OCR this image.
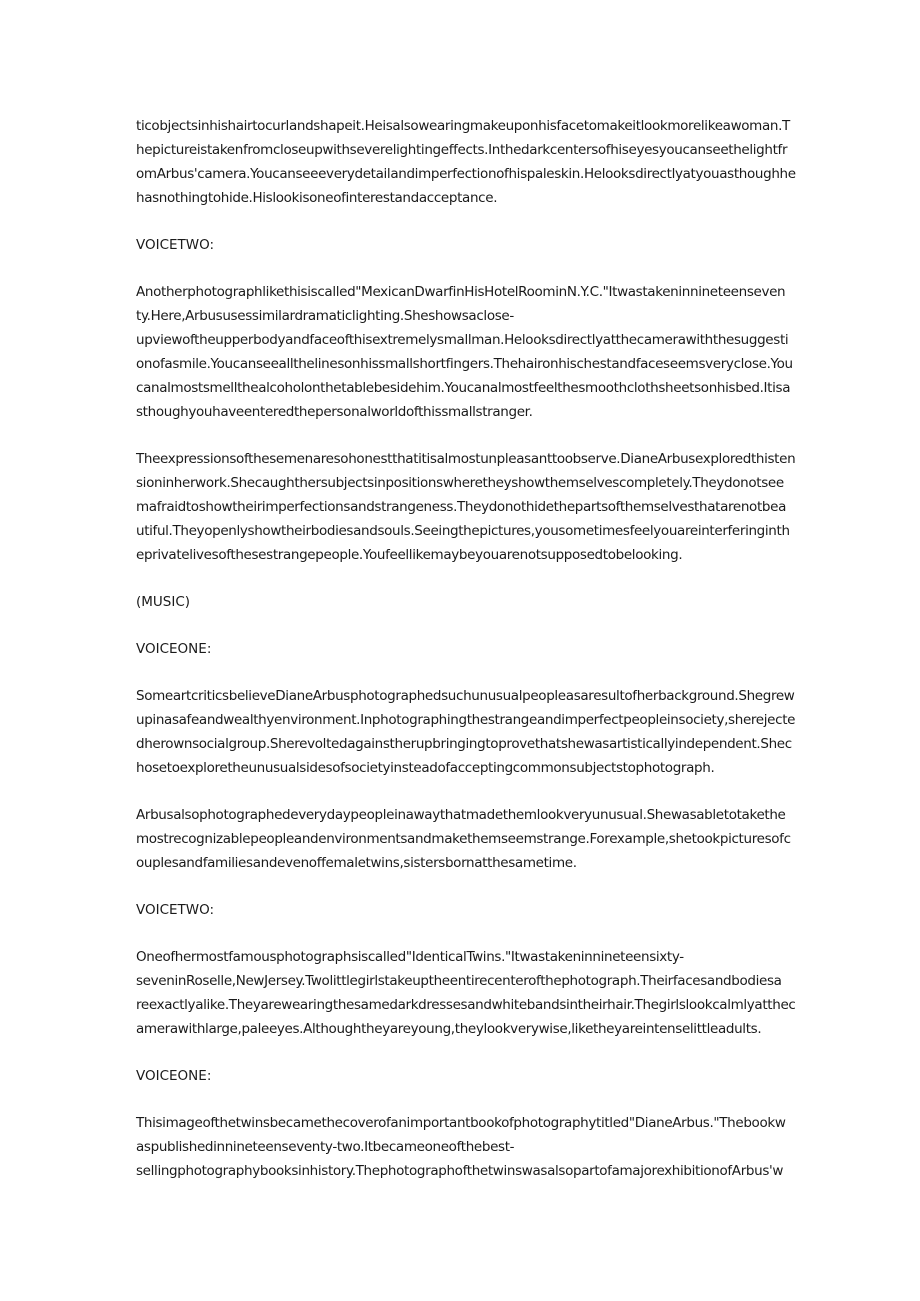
ticobjectsinhishairtocurlandshapeit.Heisalsowearingmakeuponhisfacetomakeitlookmorelikeawoman.T
hepictureistakenfromcloseupwithseverelightingeffects.Inthedarkcentersofhiseyesyoucanseethelightfr
omArbus'camera.Youcanseeeverydetailandimperfectionofhispaleskin.Helooksdirectlyatyouasthoughhe
hasnothingtohide.Hislookisoneofinterestandacceptance.
VOICETWO:
Anotherphotographlikethisiscalled"MexicanDwarfinHisHotelRoominN.Y.C."Itwastakeninnineteenseven
ty.Here,Arbususessimilardramaticlighting.Sheshowsaclose-
upviewoftheupperbodyandfaceofthisextremelysmallman.Helooksdirectlyatthecamerawiththesuggesti
onofasmile.Youcanseeallthelinesonhissmallshortfingers.Thehaironhischestandfaceseemsveryclose.You
canalmostsmellthealcoholonthetablebesidehim.Youcanalmostfeelthesmoothclothsheetsonhisbed.Itisa
sthoughyouhaveenteredthepersonalworldofthissmallstranger.
Theexpressionsofthesemenaresohonestthatitisalmostunpleasanttoobserve.DianeArbusexploredthisten
sioninherwork.Shecaughthersubjectsinpositionswheretheyshowthemselvescompletely.Theydonotsee
mafraidtoshowtheirimperfectionsandstrangeness.Theydonothidethepartsofthemselvesthatarenotbea
utiful.Theyopenlyshowtheirbodiesandsouls.Seeingthepictures,yousometimesfeelyouareinterferinginth
eprivatelivesofthesestrangepeople.Youfeellikemaybeyouarenotsupposedtobelooking.
(MUSIC)
VOICEONE:
SomeartcriticsbelieveDianeArbusphotographedsuchunusualpeopleasaresultofherbackground.Shegrew
upinasafeandwealthyenvironment.Inphotographingthestrangeandimperfectpeopleinsociety,sherejecte
dherownsocialgroup.Sherevoltedagainstherupbringingtoprovethatshewasartisticallyindependent.Shec
hosetoexploretheunusualsidesofsocietyinsteadofacceptingcommonsubjectstophotograph.
Arbusalsophotographedeverydaypeopleinawaythatmadethemlookveryunusual.Shewasabletotakethe
mostrecognizablepeopleandenvironmentsandmakethemseemstrange.Forexample,shetookpicturesofc
ouplesandfamiliesandevenoffemaletwins,sistersbornatthesametime.
VOICETWO:
Oneofhermostfamousphotographsiscalled"IdenticalTwins."Itwastakeninnineteensixty-
seveninRoselle,NewJersey.Twolittlegirlstakeuptheentirecenterofthephotograph.Theirfacesandbodiesa
reexactlyalike.Theyarewearingthesamedarkdressesandwhitebandsintheirhair.Thegirlslookcalmlyatthec
amerawithlarge,paleeyes.Althoughtheyareyoung,theylookverywise,liketheyareintenselittleadults.
VOICEONE:
Thisimageofthetwinsbecamethecoverofanimportantbookofphotographytitled"DianeArbus."Thebookw
aspublishedinnineteenseventy-two.Itbecameoneofthebest-
sellingphotographybooksinhistory.ThephotographofthetwinswasalsopartofamajorexhibitionofArbus'w
